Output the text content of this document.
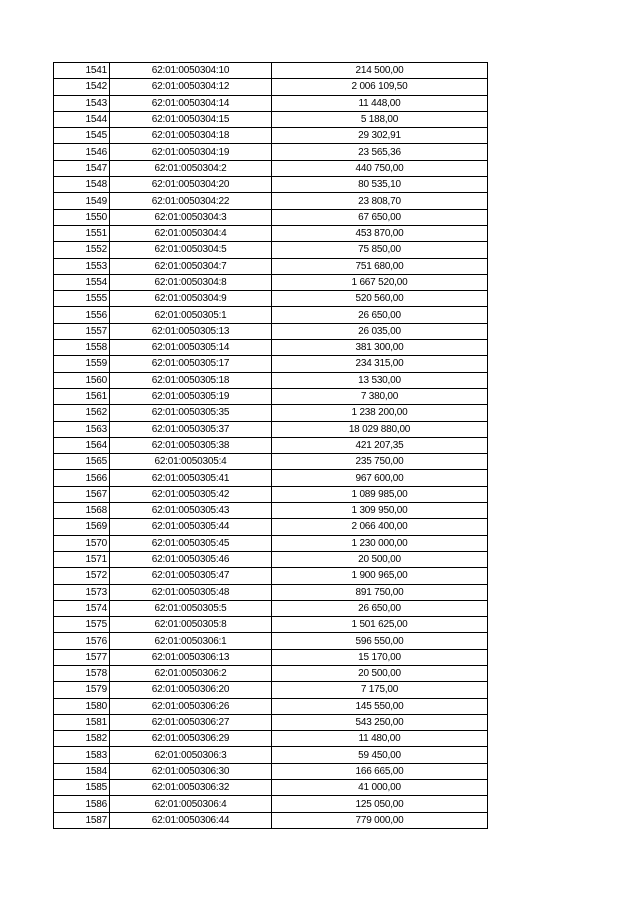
1541	62:01:0050304:10	214 500,00
1542	62:01:0050304:12	2 006 109,50
1543	62:01:0050304:14	11 448,00
1544	62:01:0050304:15	5 188,00
1545	62:01:0050304:18	29 302,91
1546	62:01:0050304:19	23 565,36
1547	62:01:0050304:2	440 750,00
1548	62:01:0050304:20	80 535,10
1549	62:01:0050304:22	23 808,70
1550	62:01:0050304:3	67 650,00
1551	62:01:0050304:4	453 870,00
1552	62:01:0050304:5	75 850,00
1553	62:01:0050304:7	751 680,00
1554	62:01:0050304:8	1 667 520,00
1555	62:01:0050304:9	520 560,00
1556	62:01:0050305:1	26 650,00
1557	62:01:0050305:13	26 035,00
1558	62:01:0050305:14	381 300,00
1559	62:01:0050305:17	234 315,00
1560	62:01:0050305:18	13 530,00
1561	62:01:0050305:19	7 380,00
1562	62:01:0050305:35	1 238 200,00
1563	62:01:0050305:37	18 029 880,00
1564	62:01:0050305:38	421 207,35
1565	62:01:0050305:4	235 750,00
1566	62:01:0050305:41	967 600,00
1567	62:01:0050305:42	1 089 985,00
1568	62:01:0050305:43	1 309 950,00
1569	62:01:0050305:44	2 066 400,00
1570	62:01:0050305:45	1 230 000,00
1571	62:01:0050305:46	20 500,00
1572	62:01:0050305:47	1 900 965,00
1573	62:01:0050305:48	891 750,00
1574	62:01:0050305:5	26 650,00
1575	62:01:0050305:8	1 501 625,00
1576	62:01:0050306:1	596 550,00
1577	62:01:0050306:13	15 170,00
1578	62:01:0050306:2	20 500,00
1579	62:01:0050306:20	7 175,00
1580	62:01:0050306:26	145 550,00
1581	62:01:0050306:27	543 250,00
1582	62:01:0050306:29	11 480,00
1583	62:01:0050306:3	59 450,00
1584	62:01:0050306:30	166 665,00
1585	62:01:0050306:32	41 000,00
1586	62:01:0050306:4	125 050,00
1587	62:01:0050306:44	779 000,00
